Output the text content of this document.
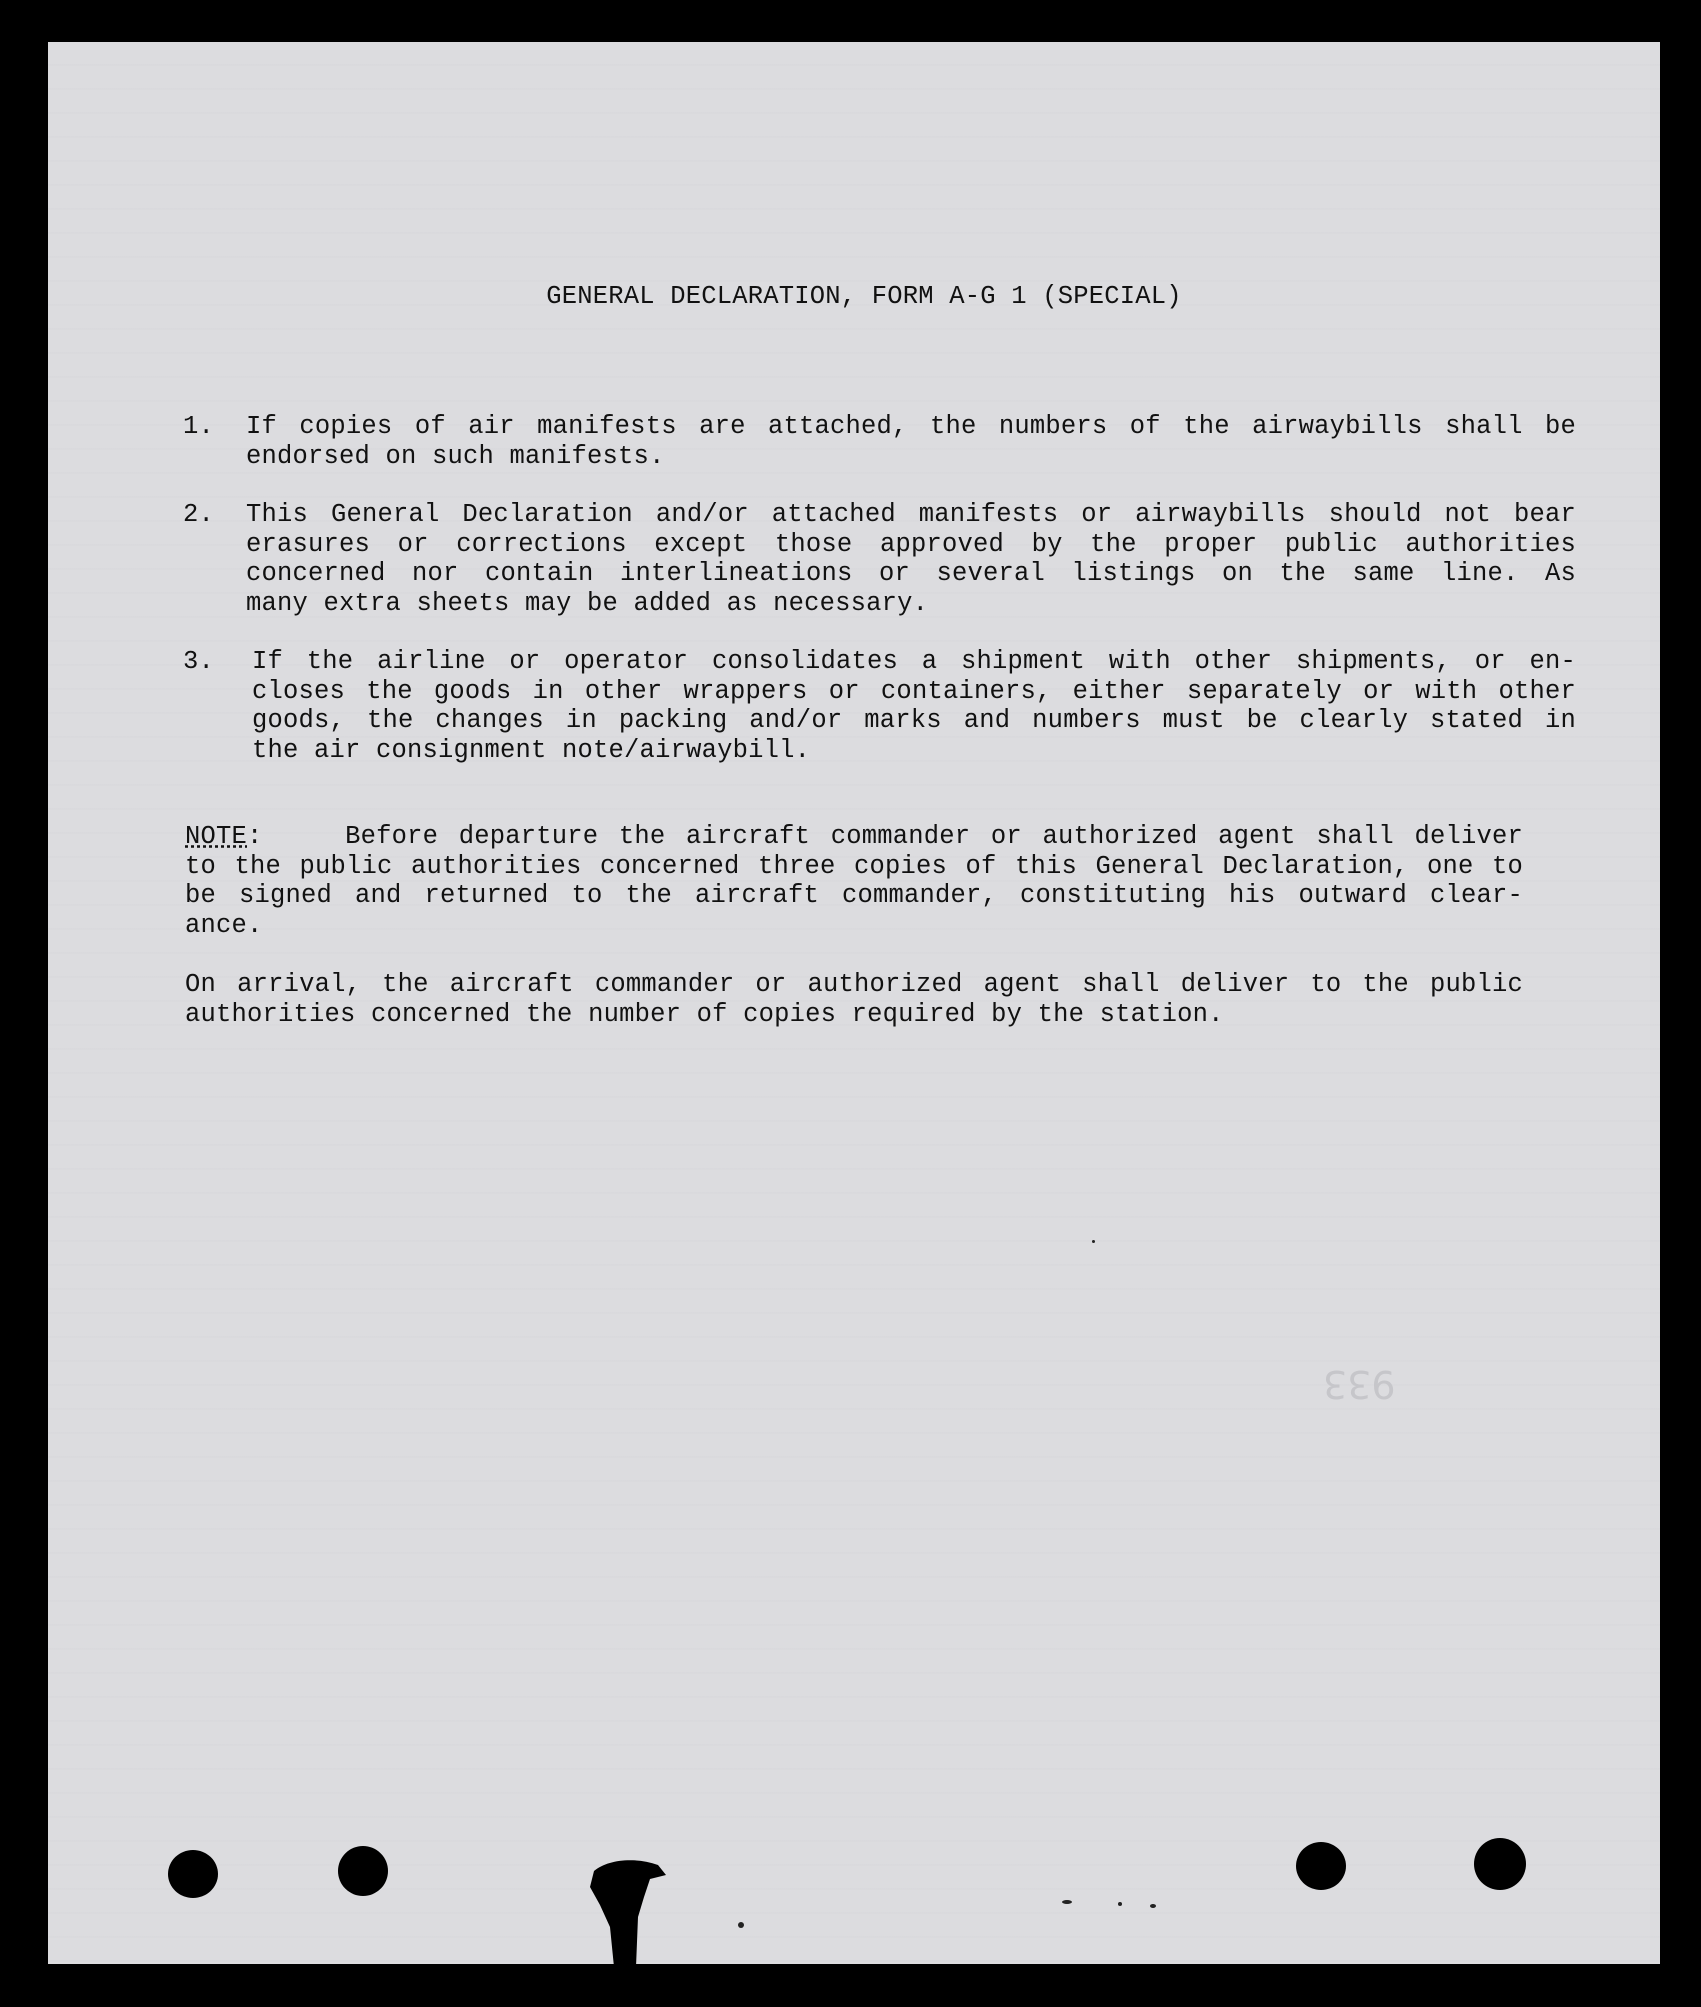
GENERAL DECLARATION, FORM A-G 1 (SPECIAL)
1.	If copies of air manifests are attached, the numbers of the airwaybills shall be
endorsed on such manifests.
2.	This General Declaration and/or attached manifests or airwaybills should not bear
erasures or corrections except those approved by the proper public authorities
concerned nor contain interlineations or several listings on the same line. As
many extra sheets may be added as necessary.
3.	If the airline or operator consolidates a shipment with other shipments, or en-
closes the goods in other wrappers or containers, either separately or with other
goods, the changes in packing and/or marks and numbers must be clearly stated in
the air consignment note/airwaybill.
NOTE:    Before departure the aircraft commander or authorized agent shall deliver
to the public authorities concerned three copies of this General Declaration, one to
be signed and returned to the aircraft commander, constituting his outward clear-
ance.
On arrival, the aircraft commander or authorized agent shall deliver to the public
authorities concerned the number of copies required by the station.
933
